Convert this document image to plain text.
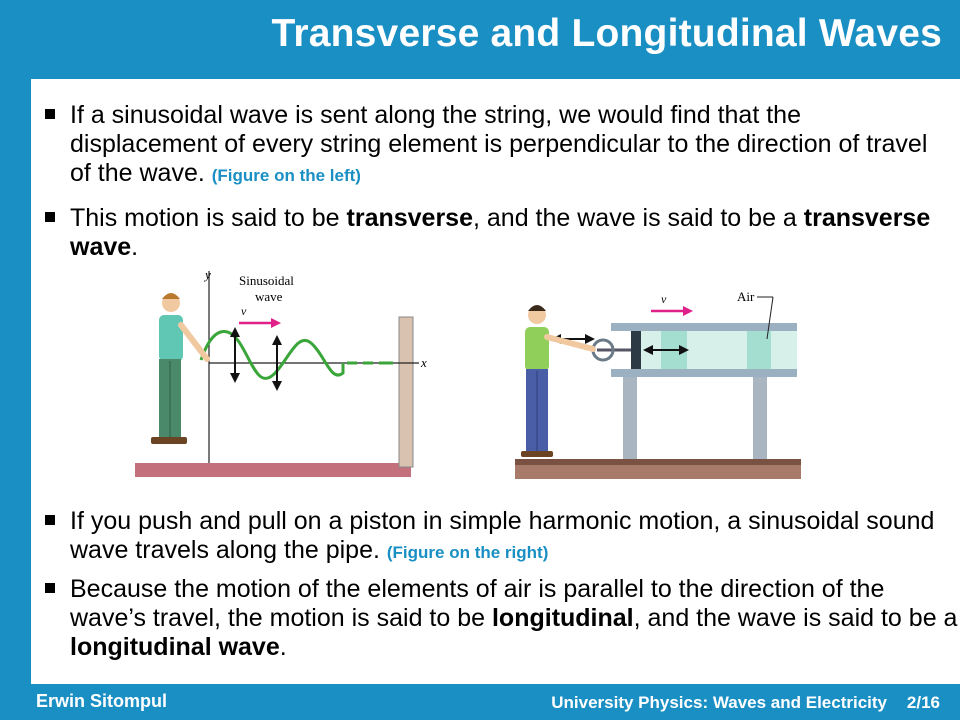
Transverse and Longitudinal Waves
If a sinusoidal wave is sent along the string, we would find that the displacement of every string element is perpendicular to the direction of travel of the wave. (Figure on the left)
This motion is said to be transverse, and the wave is said to be a transverse wave.
y
x
Sinusoidal
wave
v
v	Air
If you push and pull on a piston in simple harmonic motion, a sinusoidal sound wave travels along the pipe. (Figure on the right)
Because the motion of the elements of air is parallel to the direction of the wave’s travel, the motion is said to be longitudinal, and the wave is said to be a longitudinal wave.
Erwin Sitompul	University Physics: Waves and Electricity 2/16
